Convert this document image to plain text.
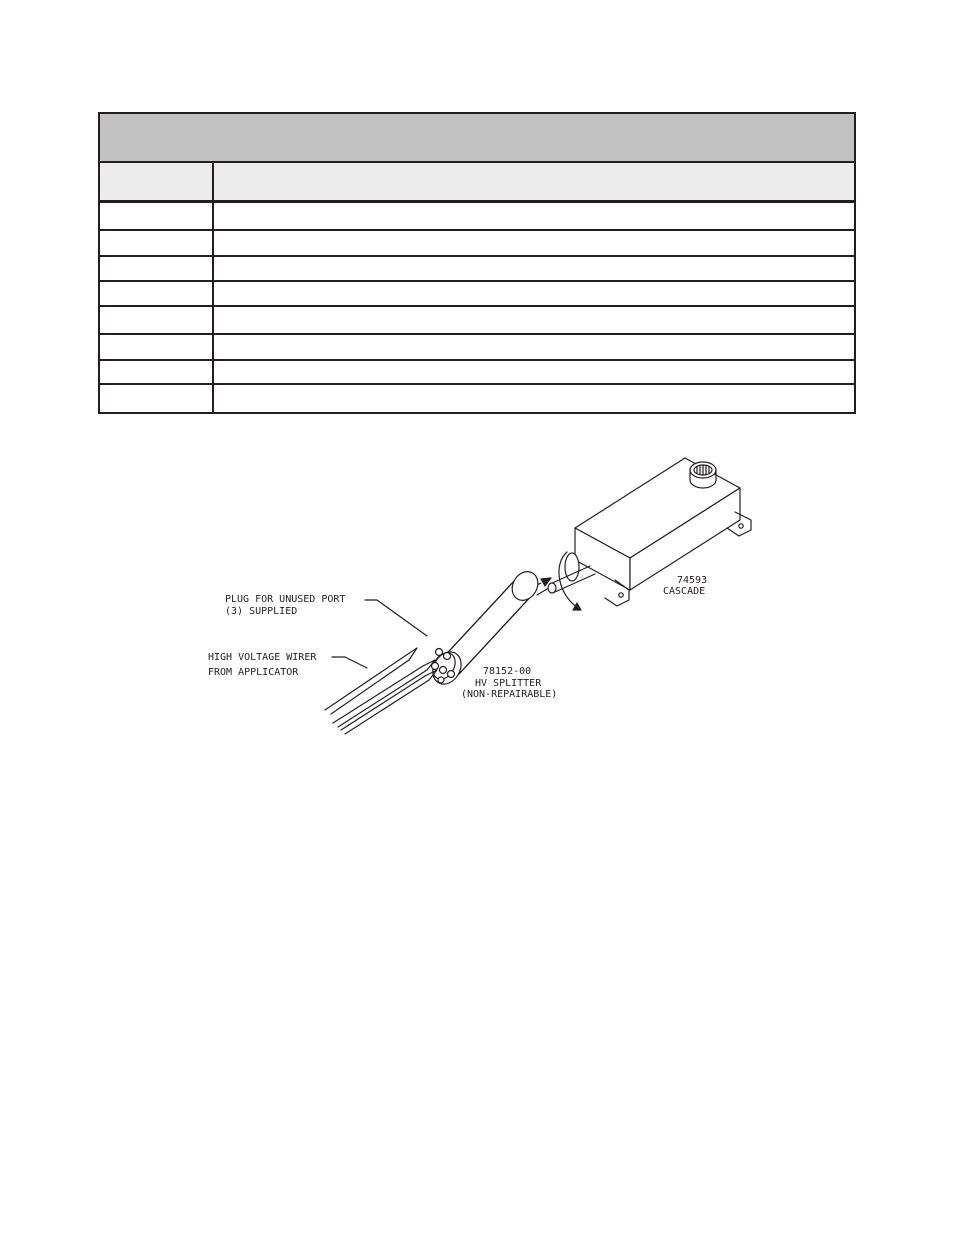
PLUG FOR UNUSED PORT
(3) SUPPLIED
HIGH VOLTAGE WIRER
FROM APPLICATOR	78152-00
HV SPLITTER
(NON-REPAIRABLE)
74593
CASCADE
